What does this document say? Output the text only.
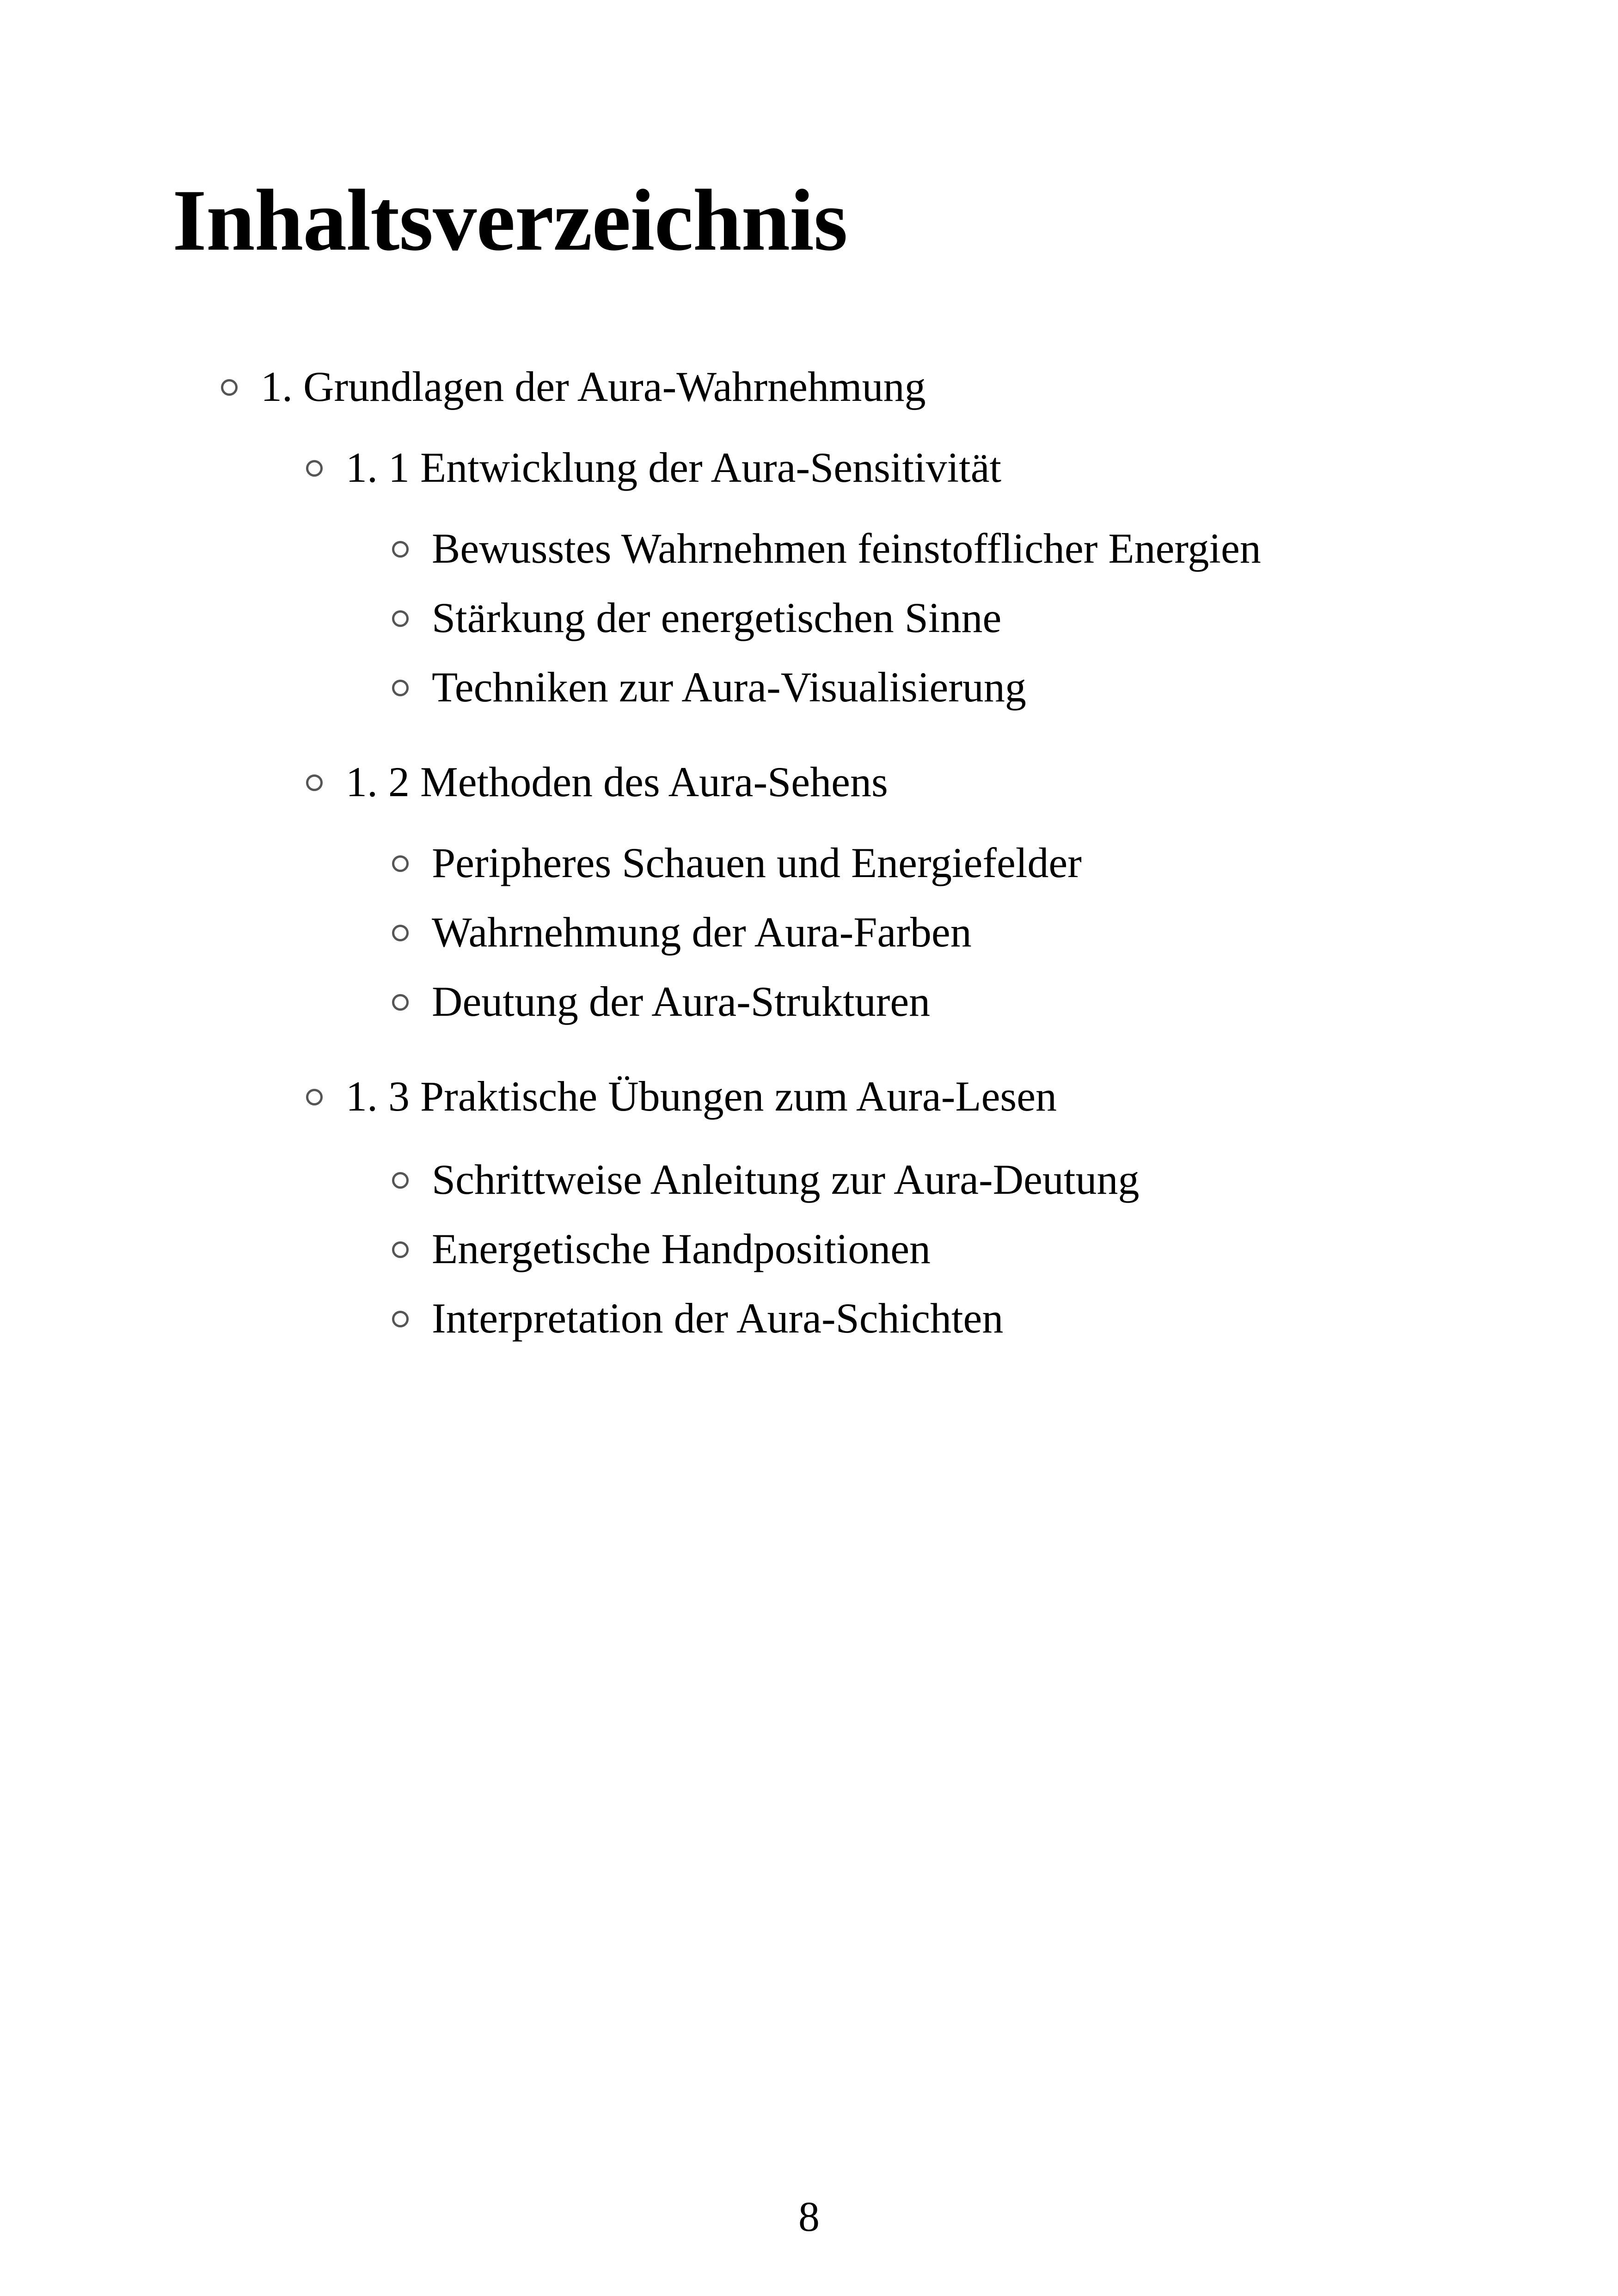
Inhaltsverzeichnis
1. Grundlagen der Aura-Wahrnehmung
1. 1 Entwicklung der Aura-Sensitivität
Bewusstes Wahrnehmen feinstofflicher Energien
Stärkung der energetischen Sinne
Techniken zur Aura-Visualisierung
1. 2 Methoden des Aura-Sehens
Peripheres Schauen und Energiefelder
Wahrnehmung der Aura-Farben
Deutung der Aura-Strukturen
1. 3 Praktische Übungen zum Aura-Lesen
Schrittweise Anleitung zur Aura-Deutung
Energetische Handpositionen
Interpretation der Aura-Schichten
8
